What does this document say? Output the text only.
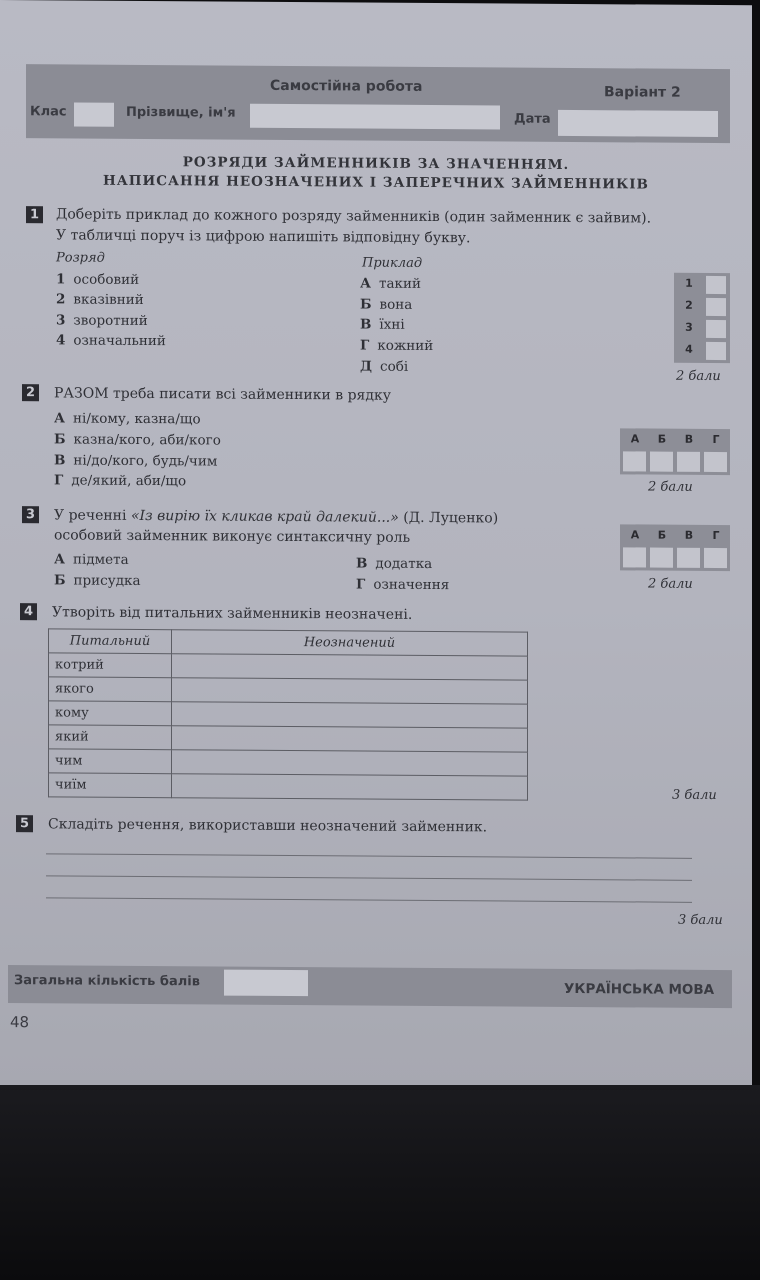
Самостійна робота	Варіант 2
Клас	Прізвище, ім'я	Дата
РОЗРЯДИ ЗАЙМЕННИКІВ ЗА ЗНАЧЕННЯМ.
НАПИСАННЯ НЕОЗНАЧЕНИХ І ЗАПЕРЕЧНИХ ЗАЙМЕННИКІВ
1 Доберіть приклад до кожного розряду займенників (один займенник є зайвим).
У табличці поруч із цифрою напишіть відповідну букву.
Розряд	Приклад
1 особовий
2 вказівний
3 зворотний
4 означальний
А такий
Б вона
В їхні
Г кожний
Д собі
1
2
3
4
2 бали
2 РАЗОМ треба писати всі займенники в рядку
А ні/кому, казна/що
Б казна/кого, аби/кого
В ні/до/кого, будь/чим
Г де/який, аби/що
А	Б	В	Г
2 бали
3 У реченні «Із вирію їх кликав край далекий...» (Д. Луценко)
особовий займенник виконує синтаксичну роль
А підмета
Б присудка
В додатка
Г означення
А	Б	В	Г
2 бали
4 Утворіть від питальних займенників неозначені.
Питальний	Неозначений
котрий	
якого	
кому	
який	
чим	
чиїм	
3 бали
5 Складіть речення, використавши неозначений займенник.
3 бали
Загальна кількість балів	УКРАЇНСЬКА МОВА
48
